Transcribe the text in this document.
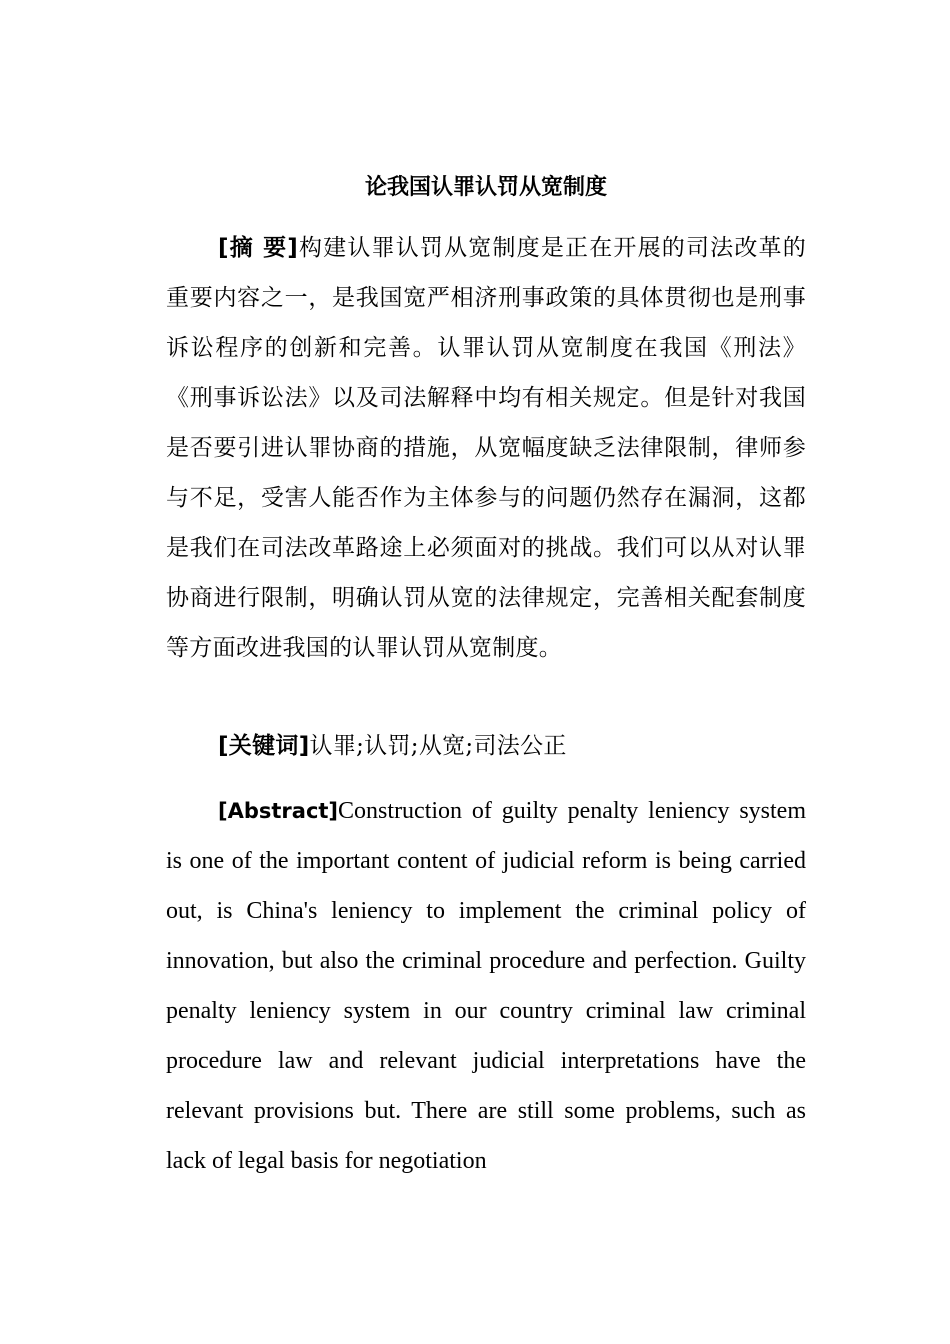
论我国认罪认罚从宽制度

[摘 要]构建认罪认罚从宽制度是正在开展的司法改革的重要内容之一，是我国宽严相济刑事政策的具体贯彻也是刑事诉讼程序的创新和完善。认罪认罚从宽制度在我国《刑法》《刑事诉讼法》以及司法解释中均有相关规定。但是针对我国是否要引进认罪协商的措施，从宽幅度缺乏法律限制，律师参与不足，受害人能否作为主体参与的问题仍然存在漏洞，这都是我们在司法改革路途上必须面对的挑战。我们可以从对认罪协商进行限制，明确认罚从宽的法律规定，完善相关配套制度等方面改进我国的认罪认罚从宽制度。

[关键词]认罪;认罚;从宽;司法公正

[Abstract]Construction of guilty penalty leniency system is one of the important content of judicial reform is being carried out, is China's leniency to implement the criminal policy of innovation, but also the criminal procedure and perfection. Guilty penalty leniency system in our country criminal law criminal procedure law and relevant judicial interpretations have the relevant provisions but. There are still some problems, such as lack of legal basis for negotiation
